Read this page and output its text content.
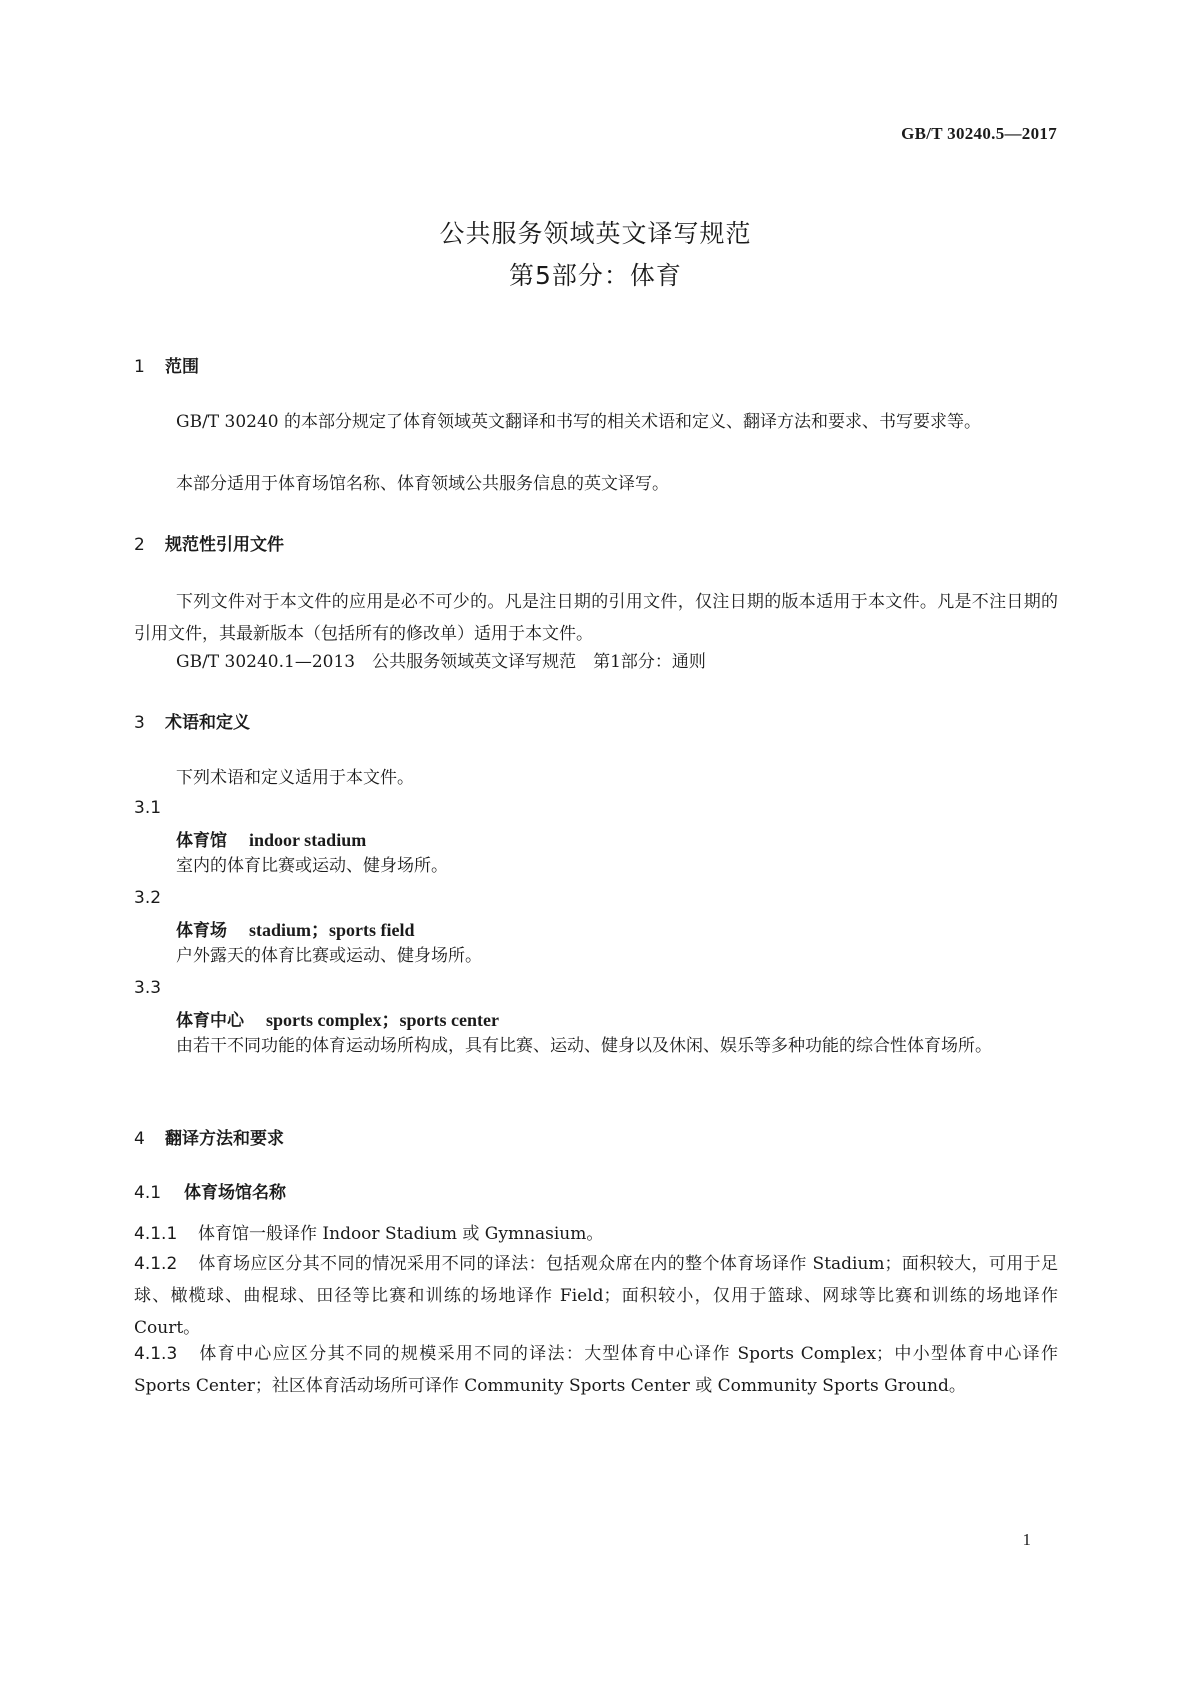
GB/T 30240.5—2017
公共服务领域英文译写规范
第5部分：体育
1 范围

GB/T 30240 的本部分规定了体育领域英文翻译和书写的相关术语和定义、翻译方法和要求、书写要求等。

本部分适用于体育场馆名称、体育领域公共服务信息的英文译写。

2 规范性引用文件

下列文件对于本文件的应用是必不可少的。凡是注日期的引用文件，仅注日期的版本适用于本文件。凡是不注日期的引用文件，其最新版本（包括所有的修改单）适用于本文件。

GB/T 30240.1—2013　公共服务领域英文译写规范　第1部分：通则

3 术语和定义

下列术语和定义适用于本文件。

3.1
体育馆 indoor stadium
室内的体育比赛或运动、健身场所。
3.2
体育场 stadium；sports field
户外露天的体育比赛或运动、健身场所。
3.3
体育中心 sports complex；sports center

由若干不同功能的体育运动场所构成，具有比赛、运动、健身以及休闲、娱乐等多种功能的综合性体育场所。

4 翻译方法和要求
4.1 体育场馆名称

4.1.1 体育馆一般译作 Indoor Stadium 或 Gymnasium。

4.1.2 体育场应区分其不同的情况采用不同的译法：包括观众席在内的整个体育场译作 Stadium；面积较大，可用于足球、橄榄球、曲棍球、田径等比赛和训练的场地译作 Field；面积较小，仅用于篮球、网球等比赛和训练的场地译作 Court。

4.1.3 体育中心应区分其不同的规模采用不同的译法：大型体育中心译作 Sports Complex；中小型体育中心译作 Sports Center；社区体育活动场所可译作 Community Sports Center 或 Community Sports Ground。

1
